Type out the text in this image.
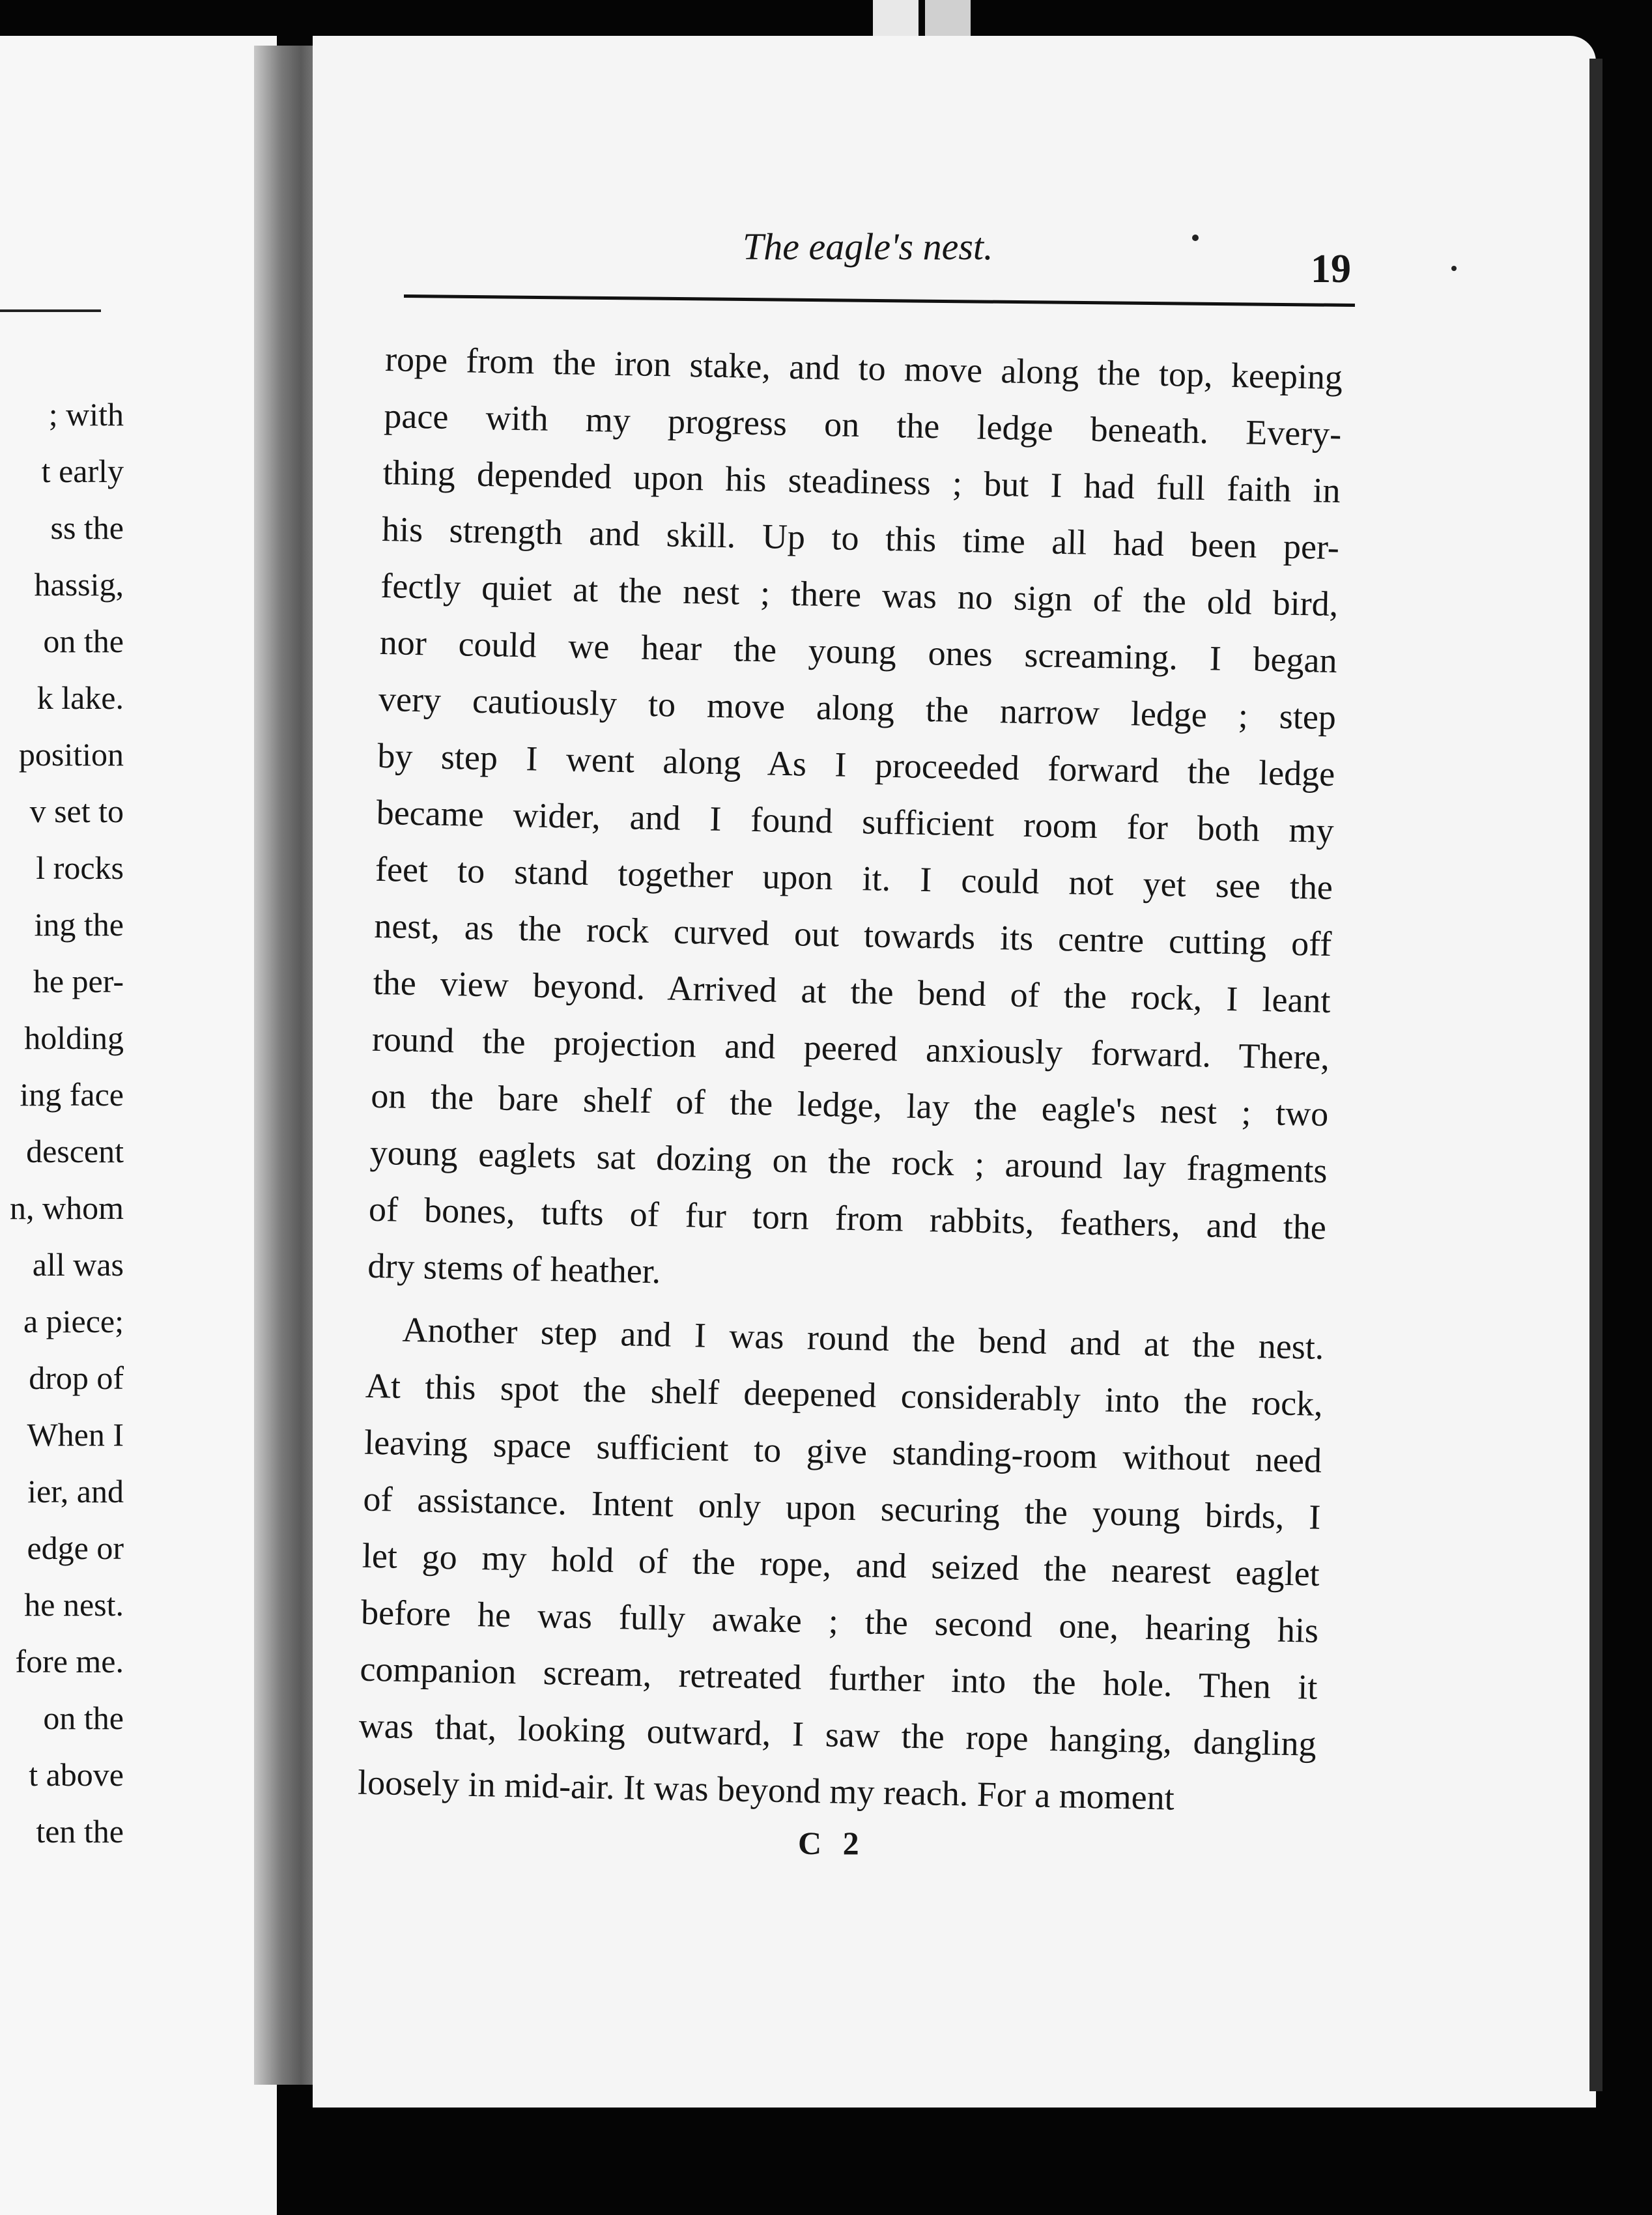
; with
t early
ss the
hassig,
on the
k lake.
position
v set to
l rocks
ing the
he per-
holding
ing face
descent
n, whom
all was
a piece;
drop of
When I
ier, and
edge or
he nest.
fore me.
on the
t above
ten the
The eagle's nest.
19
rope from the iron stake, and to move along the top, keeping
pace with my progress on the ledge beneath. Every-
thing depended upon his steadiness ; but I had full faith in
his strength and skill. Up to this time all had been per-
fectly quiet at the nest ; there was no sign of the old bird,
nor could we hear the young ones screaming. I began
very cautiously to move along the narrow ledge ; step
by step I went along As I proceeded forward the ledge
became wider, and I found sufficient room for both my
feet to stand together upon it. I could not yet see the
nest, as the rock curved out towards its centre cutting off
the view beyond. Arrived at the bend of the rock, I leant
round the projection and peered anxiously forward. There,
on the bare shelf of the ledge, lay the eagle's nest ; two
young eaglets sat dozing on the rock ; around lay fragments
of bones, tufts of fur torn from rabbits, feathers, and the
dry stems of heather.
Another step and I was round the bend and at the nest.
At this spot the shelf deepened considerably into the rock,
leaving space sufficient to give standing-room without need
of assistance. Intent only upon securing the young birds, I
let go my hold of the rope, and seized the nearest eaglet
before he was fully awake ; the second one, hearing his
companion scream, retreated further into the hole. Then it
was that, looking outward, I saw the rope hanging, dangling
loosely in mid-air. It was beyond my reach. For a moment
C 2
